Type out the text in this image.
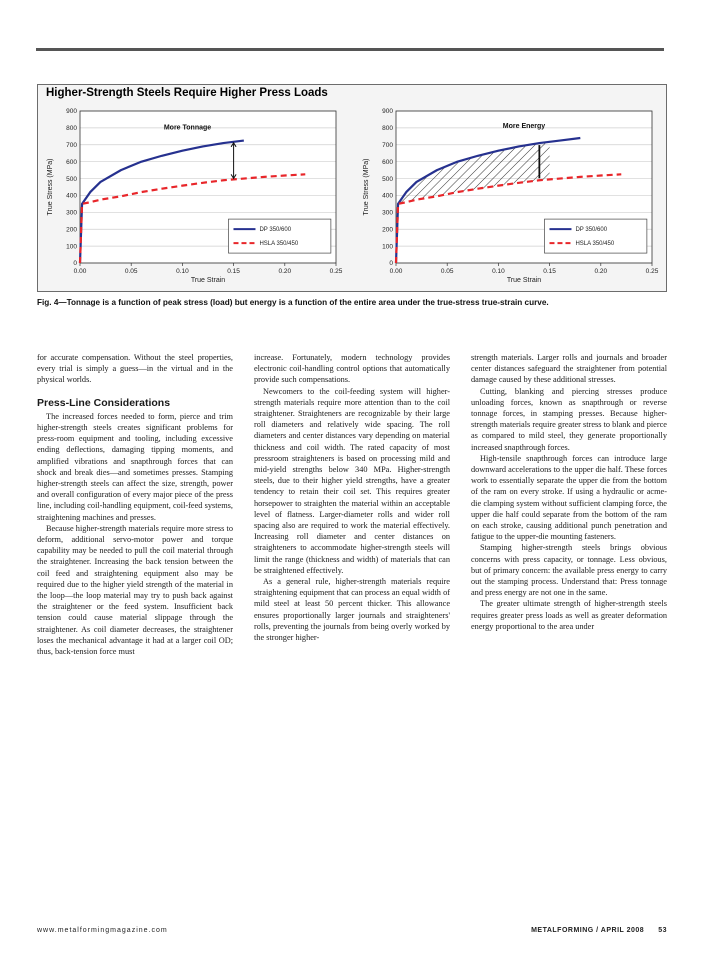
Higher-Strength Steels Require Higher Press Loads
0
100
200
300
400
500
600
700
800
900
0.00	0.05	0.10	0.15	0.20	0.25
True Strain
True Stress (MPa)
More Tonnage
DP 350/600
HSLA 350/450
0
100
200
300
400
500
600
700
800
900
0.00	0.05	0.10	0.15	0.20	0.25
True Strain
True Stress (MPa)
More Energy
DP 350/600
HSLA 350/450
Fig. 4—Tonnage is a function of peak stress (load) but energy is a function of the entire area under the true-stress true-strain curve.

for accurate compensation. Without the steel properties, every trial is simply a guess—in the virtual and in the physical worlds.

Press-Line Considerations

The increased forces needed to form, pierce and trim higher-strength steels creates significant problems for press-room equipment and tooling, including excessive ending deflections, damaging tipping moments, and amplified vibrations and snapthrough forces that can shock and break dies—and sometimes presses. Stamping higher-strength steels can affect the size, strength, power and overall configuration of every major piece of the press line, including coil-handling equipment, coil-feed systems, straightening machines and presses.

Because higher-strength materials require more stress to deform, additional servo-motor power and torque capability may be needed to pull the coil material through the straightener. Increasing the back tension between the coil feed and straightening equipment also may be required due to the higher yield strength of the material in the loop—the loop material may try to push back against the straightener or the feed system. Insufficient back tension could cause material slippage through the straightener. As coil diameter decreases, the straightener loses the mechanical advantage it had at a larger coil OD; thus, back-tension force must

increase. Fortunately, modern technology provides electronic coil-handling control options that automatically provide such compensations.

Newcomers to the coil-feeding system will higher-strength materials require more attention than to the coil straightener. Straighteners are recognizable by their large roll diameters and relatively wide spacing. The roll diameters and center distances vary depending on material thickness and coil width. The rated capacity of most pressroom straighteners is based on processing mild and mid-yield strengths below 340 MPa. Higher-strength steels, due to their higher yield strengths, have a greater tendency to retain their coil set. This requires greater horsepower to straighten the material within an acceptable level of flatness. Larger-diameter rolls and wider roll spacing also are required to work the material effectively. Increasing roll diameter and center distances on straighteners to accommodate higher-strength steels will limit the range (thickness and width) of materials that can be straightened effectively.

As a general rule, higher-strength materials require straightening equipment that can process an equal width of mild steel at least 50 percent thicker. This allowance ensures proportionally larger journals and straighteners' rolls, preventing the journals from being overly worked by the stronger higher-

strength materials. Larger rolls and journals and broader center distances safeguard the straightener from potential damage caused by these additional stresses.

Cutting, blanking and piercing stresses produce unloading forces, known as snapthrough or reverse tonnage forces, in stamping presses. Because higher-strength materials require greater stress to blank and pierce as compared to mild steel, they generate proportionally increased snapthrough forces.

High-tensile snapthrough forces can introduce large downward accelerations to the upper die half. These forces work to essentially separate the upper die from the bottom of the ram on every stroke. If using a hydraulic or acme-die clamping system without sufficient clamping force, the upper die half could separate from the bottom of the ram on each stroke, causing additional punch penetration and fatigue to the upper-die mounting fasteners.

Stamping higher-strength steels brings obvious concerns with press capacity, or tonnage. Less obvious, but of primary concern: the available press energy to carry out the stamping process. Understand that: Press tonnage and press energy are not one in the same.

The greater ultimate strength of higher-strength steels requires greater press loads as well as greater deformation energy proportional to the area under

www.metalformingmagazine.com	METALFORMING / APRIL 2008 53
